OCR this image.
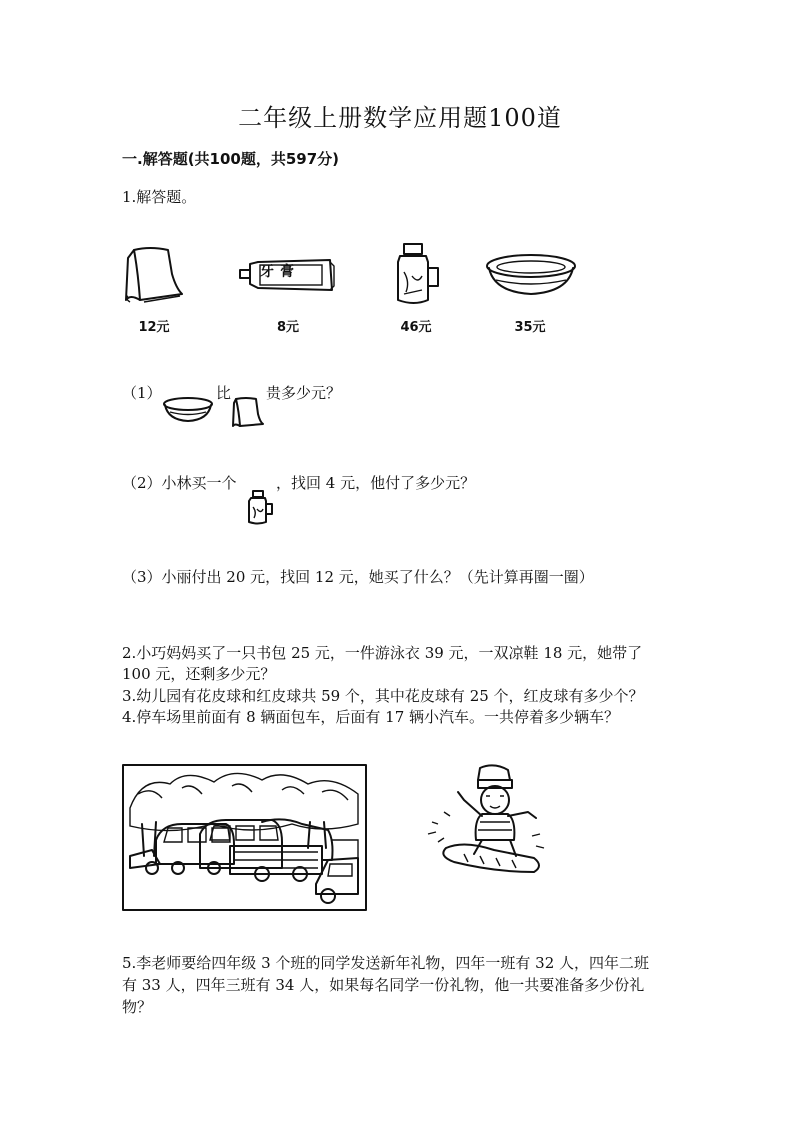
二年级上册数学应用题100道
一.解答题(共100题，共597分)
1.解答题。
12元
牙膏
8元	46元	35元
（1）	比 贵多少元？
（2）小林买一个	，找回 4 元，他付了多少元？
（3）小丽付出 20 元，找回 12 元，她买了什么？（先计算再圈一圈）
2.小巧妈妈买了一只书包 25 元，一件游泳衣 39 元，一双凉鞋 18 元，她带了
100 元，还剩多少元？
3.幼儿园有花皮球和红皮球共 59 个，其中花皮球有 25 个，红皮球有多少个？
4.停车场里前面有 8 辆面包车，后面有 17 辆小汽车。一共停着多少辆车？
5.李老师要给四年级 3 个班的同学发送新年礼物，四年一班有 32 人，四年二班
有 33 人，四年三班有 34 人，如果每名同学一份礼物，他一共要准备多少份礼
物？
